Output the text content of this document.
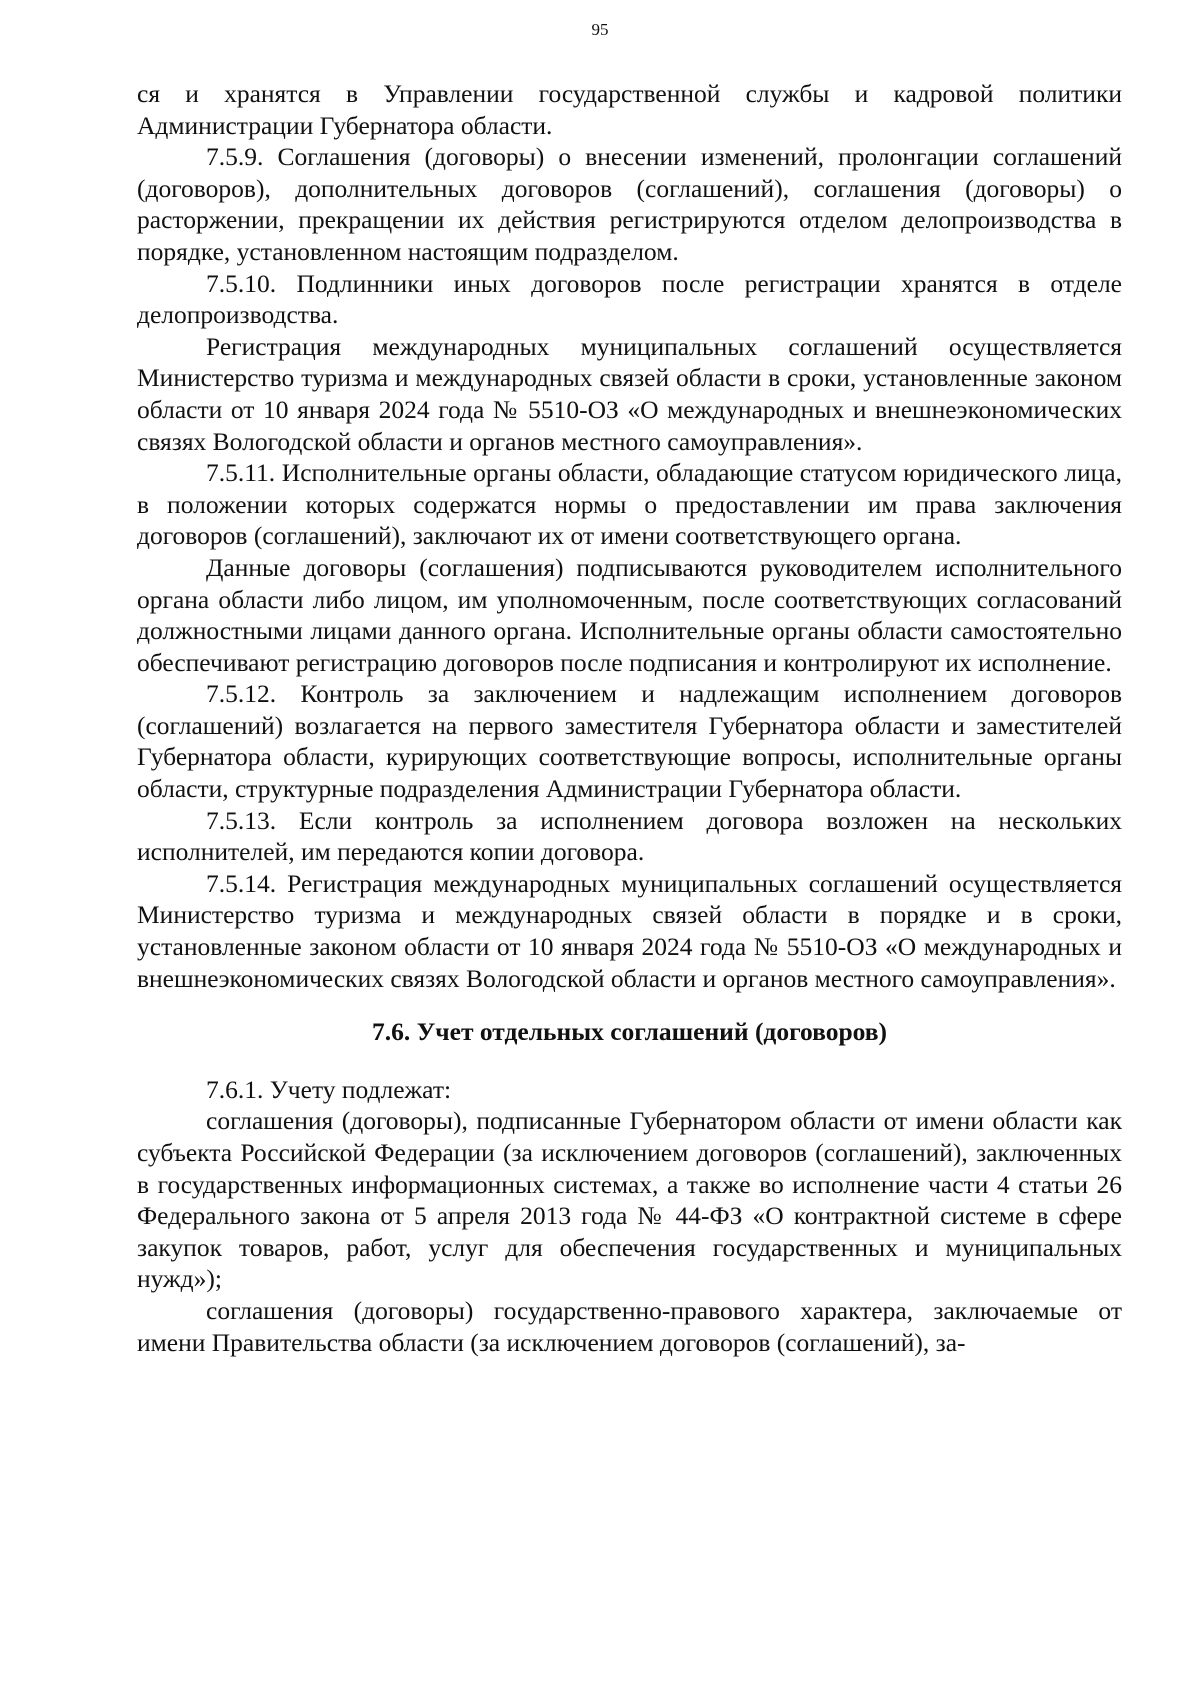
95

ся и хранятся в Управлении государственной службы и кадровой политики Администрации Губернатора области.

7.5.9. Соглашения (договоры) о внесении изменений, пролонгации соглашений (договоров), дополнительных договоров (соглашений), соглашения (договоры) о расторжении, прекращении их действия регистрируются отделом делопроизводства в порядке, установленном настоящим подразделом.

7.5.10. Подлинники иных договоров после регистрации хранятся в отделе делопроизводства.

Регистрация международных муниципальных соглашений осуществляется Министерство туризма и международных связей области в сроки, установленные законом области от 10 января 2024 года № 5510-ОЗ «О международных и внешнеэкономических связях Вологодской области и органов местного самоуправления».

7.5.11. Исполнительные органы области, обладающие статусом юридического лица, в положении которых содержатся нормы о предоставлении им права заключения договоров (соглашений), заключают их от имени соответствующего органа.

Данные договоры (соглашения) подписываются руководителем исполнительного органа области либо лицом, им уполномоченным, после соответствующих согласований должностными лицами данного органа. Исполнительные органы области самостоятельно обеспечивают регистрацию договоров после подписания и контролируют их исполнение.

7.5.12. Контроль за заключением и надлежащим исполнением договоров (соглашений) возлагается на первого заместителя Губернатора области и заместителей Губернатора области, курирующих соответствующие вопросы, исполнительные органы области, структурные подразделения Администрации Губернатора области.

7.5.13. Если контроль за исполнением договора возложен на нескольких исполнителей, им передаются копии договора.

7.5.14. Регистрация международных муниципальных соглашений осуществляется Министерство туризма и международных связей области в порядке и в сроки, установленные законом области от 10 января 2024 года № 5510-ОЗ «О международных и внешнеэкономических связях Вологодской области и органов местного самоуправления».

7.6. Учет отдельных соглашений (договоров)

7.6.1. Учету подлежат:

соглашения (договоры), подписанные Губернатором области от имени области как субъекта Российской Федерации (за исключением договоров (соглашений), заключенных в государственных информационных системах, а также во исполнение части 4 статьи 26 Федерального закона от 5 апреля 2013 года № 44-ФЗ «О контрактной системе в сфере закупок товаров, работ, услуг для обеспечения государственных и муниципальных нужд»);

соглашения (договоры) государственно-правового характера, заключаемые от имени Правительства области (за исключением договоров (соглашений), за-
